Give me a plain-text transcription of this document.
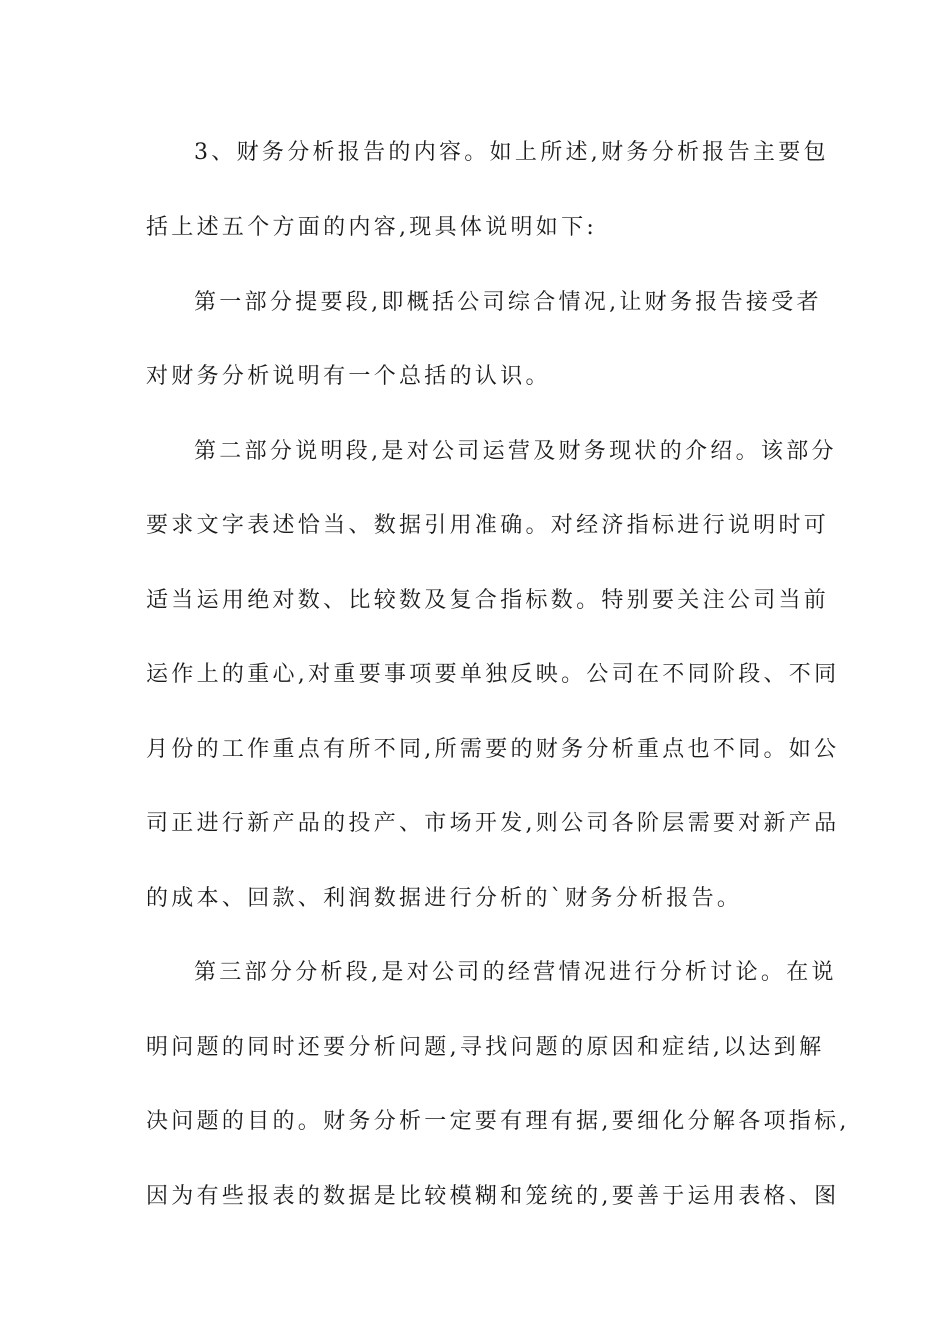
3、财务分析报告的内容。如上所述,财务分析报告主要包
括上述五个方面的内容,现具体说明如下:
第一部分提要段,即概括公司综合情况,让财务报告接受者
对财务分析说明有一个总括的认识。
第二部分说明段,是对公司运营及财务现状的介绍。该部分
要求文字表述恰当、数据引用准确。对经济指标进行说明时可
适当运用绝对数、比较数及复合指标数。特别要关注公司当前
运作上的重心,对重要事项要单独反映。公司在不同阶段、不同
月份的工作重点有所不同,所需要的财务分析重点也不同。如公
司正进行新产品的投产、市场开发,则公司各阶层需要对新产品
的成本、回款、利润数据进行分析的`财务分析报告。
第三部分分析段,是对公司的经营情况进行分析讨论。在说
明问题的同时还要分析问题,寻找问题的原因和症结,以达到解
决问题的目的。财务分析一定要有理有据,要细化分解各项指标,
因为有些报表的数据是比较模糊和笼统的,要善于运用表格、图
